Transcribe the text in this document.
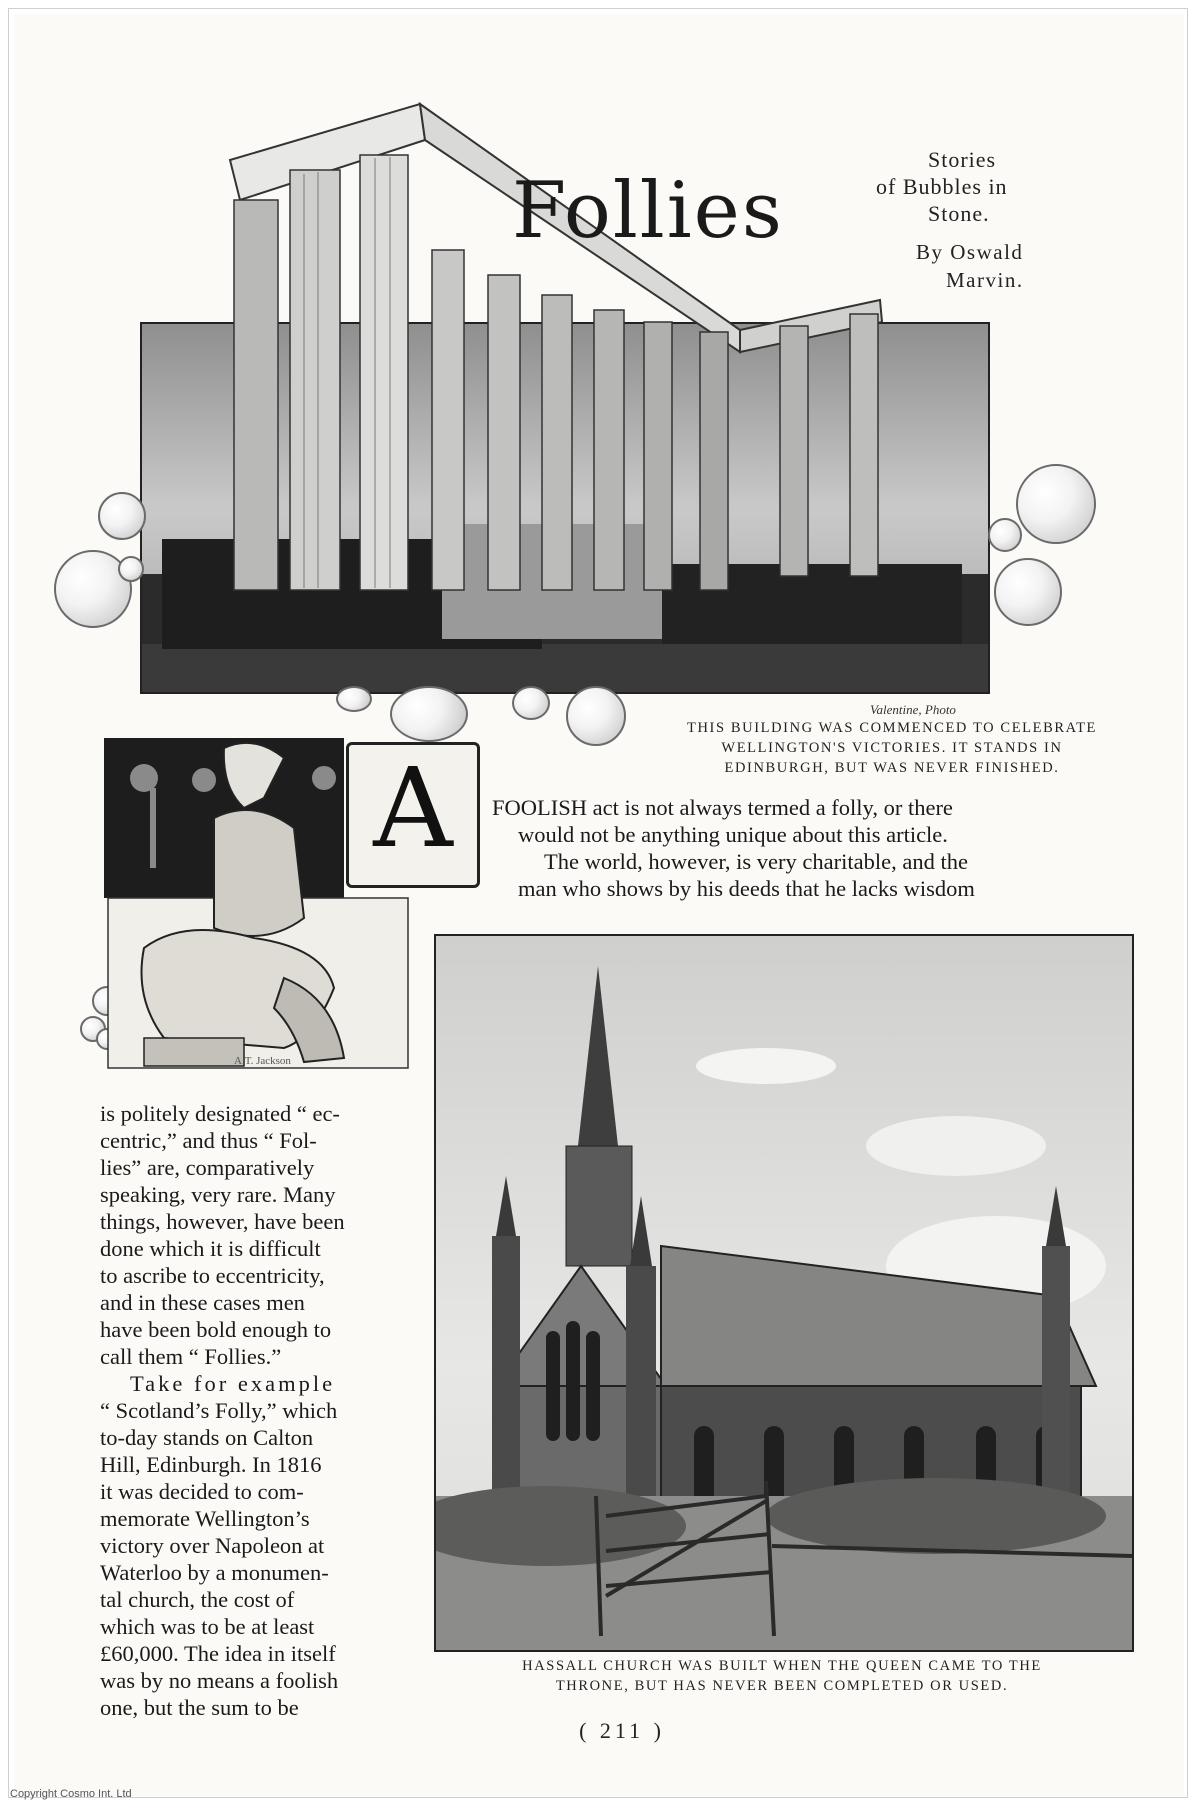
Follies
Stories
of Bubbles in
Stone.
By Oswald
Marvin.
Valentine, Photo
THIS BUILDING WAS COMMENCED TO CELEBRATE
WELLINGTON'S VICTORIES. IT STANDS IN
EDINBURGH, BUT WAS NEVER FINISHED.
A.T. Jackson
A	FOOLISH act is not always termed a folly, or there

would not be anything unique about this article.

The world, however, is very charitable, and the

man who shows by his deeds that he lacks wisdom

HASSALL CHURCH WAS BUILT WHEN THE QUEEN CAME TO THE
THRONE, BUT HAS NEVER BEEN COMPLETED OR USED.

is politely designated “ ec-

centric,” and thus “ Fol-

lies” are, comparatively

speaking, very rare. Many

things, however, have been

done which it is difficult

to ascribe to eccentricity,

and in these cases men

have been bold enough to

call them “ Follies.”

Take for example

“ Scotland’s Folly,” which

to-day stands on Calton

Hill, Edinburgh. In 1816

it was decided to com-

memorate Wellington’s

victory over Napoleon at

Waterloo by a monumen-

tal church, the cost of

which was to be at least

£60,000. The idea in itself

was by no means a foolish

one, but the sum to be

( 211 )
Copyright Cosmo Int. Ltd
